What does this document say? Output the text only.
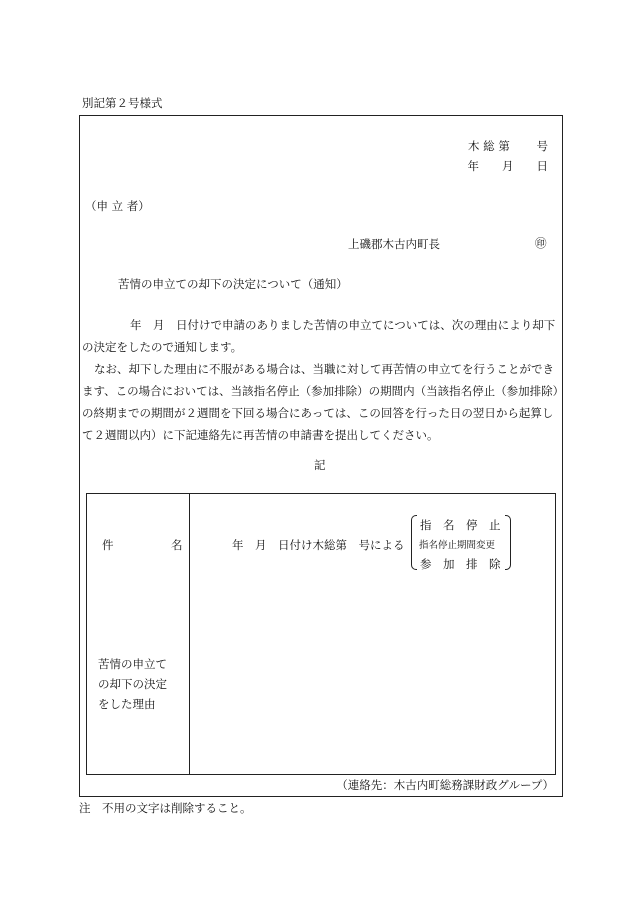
別記第２号様式
木 総 第　　 号
年　　月　　日
（申 立 者）
上磯郡木古内町長	㊞
苦情の申立ての却下の決定について（通知）
年　月　日付けで申請のありました苦情の申立てについては、次の理由により却下の決定をしたので通知します。
なお、却下した理由に不服がある場合は、当職に対して再苦情の申立てを行うことができます、この場合においては、当該指名停止（参加排除）の期間内（当該指名停止（参加排除）の終期までの期間が２週間を下回る場合にあっては、この回答を行った日の翌日から起算して２週間以内）に下記連絡先に再苦情の申請書を提出してください。
記
件　　　　　名	年　月　日付け木総第　号による
指　名　停　止
指名停止期間変更
参　加　排　除
苦情の申立て
の却下の決定
をした理由
（連絡先：木古内町総務課財政グループ）
注　不用の文字は削除すること。
